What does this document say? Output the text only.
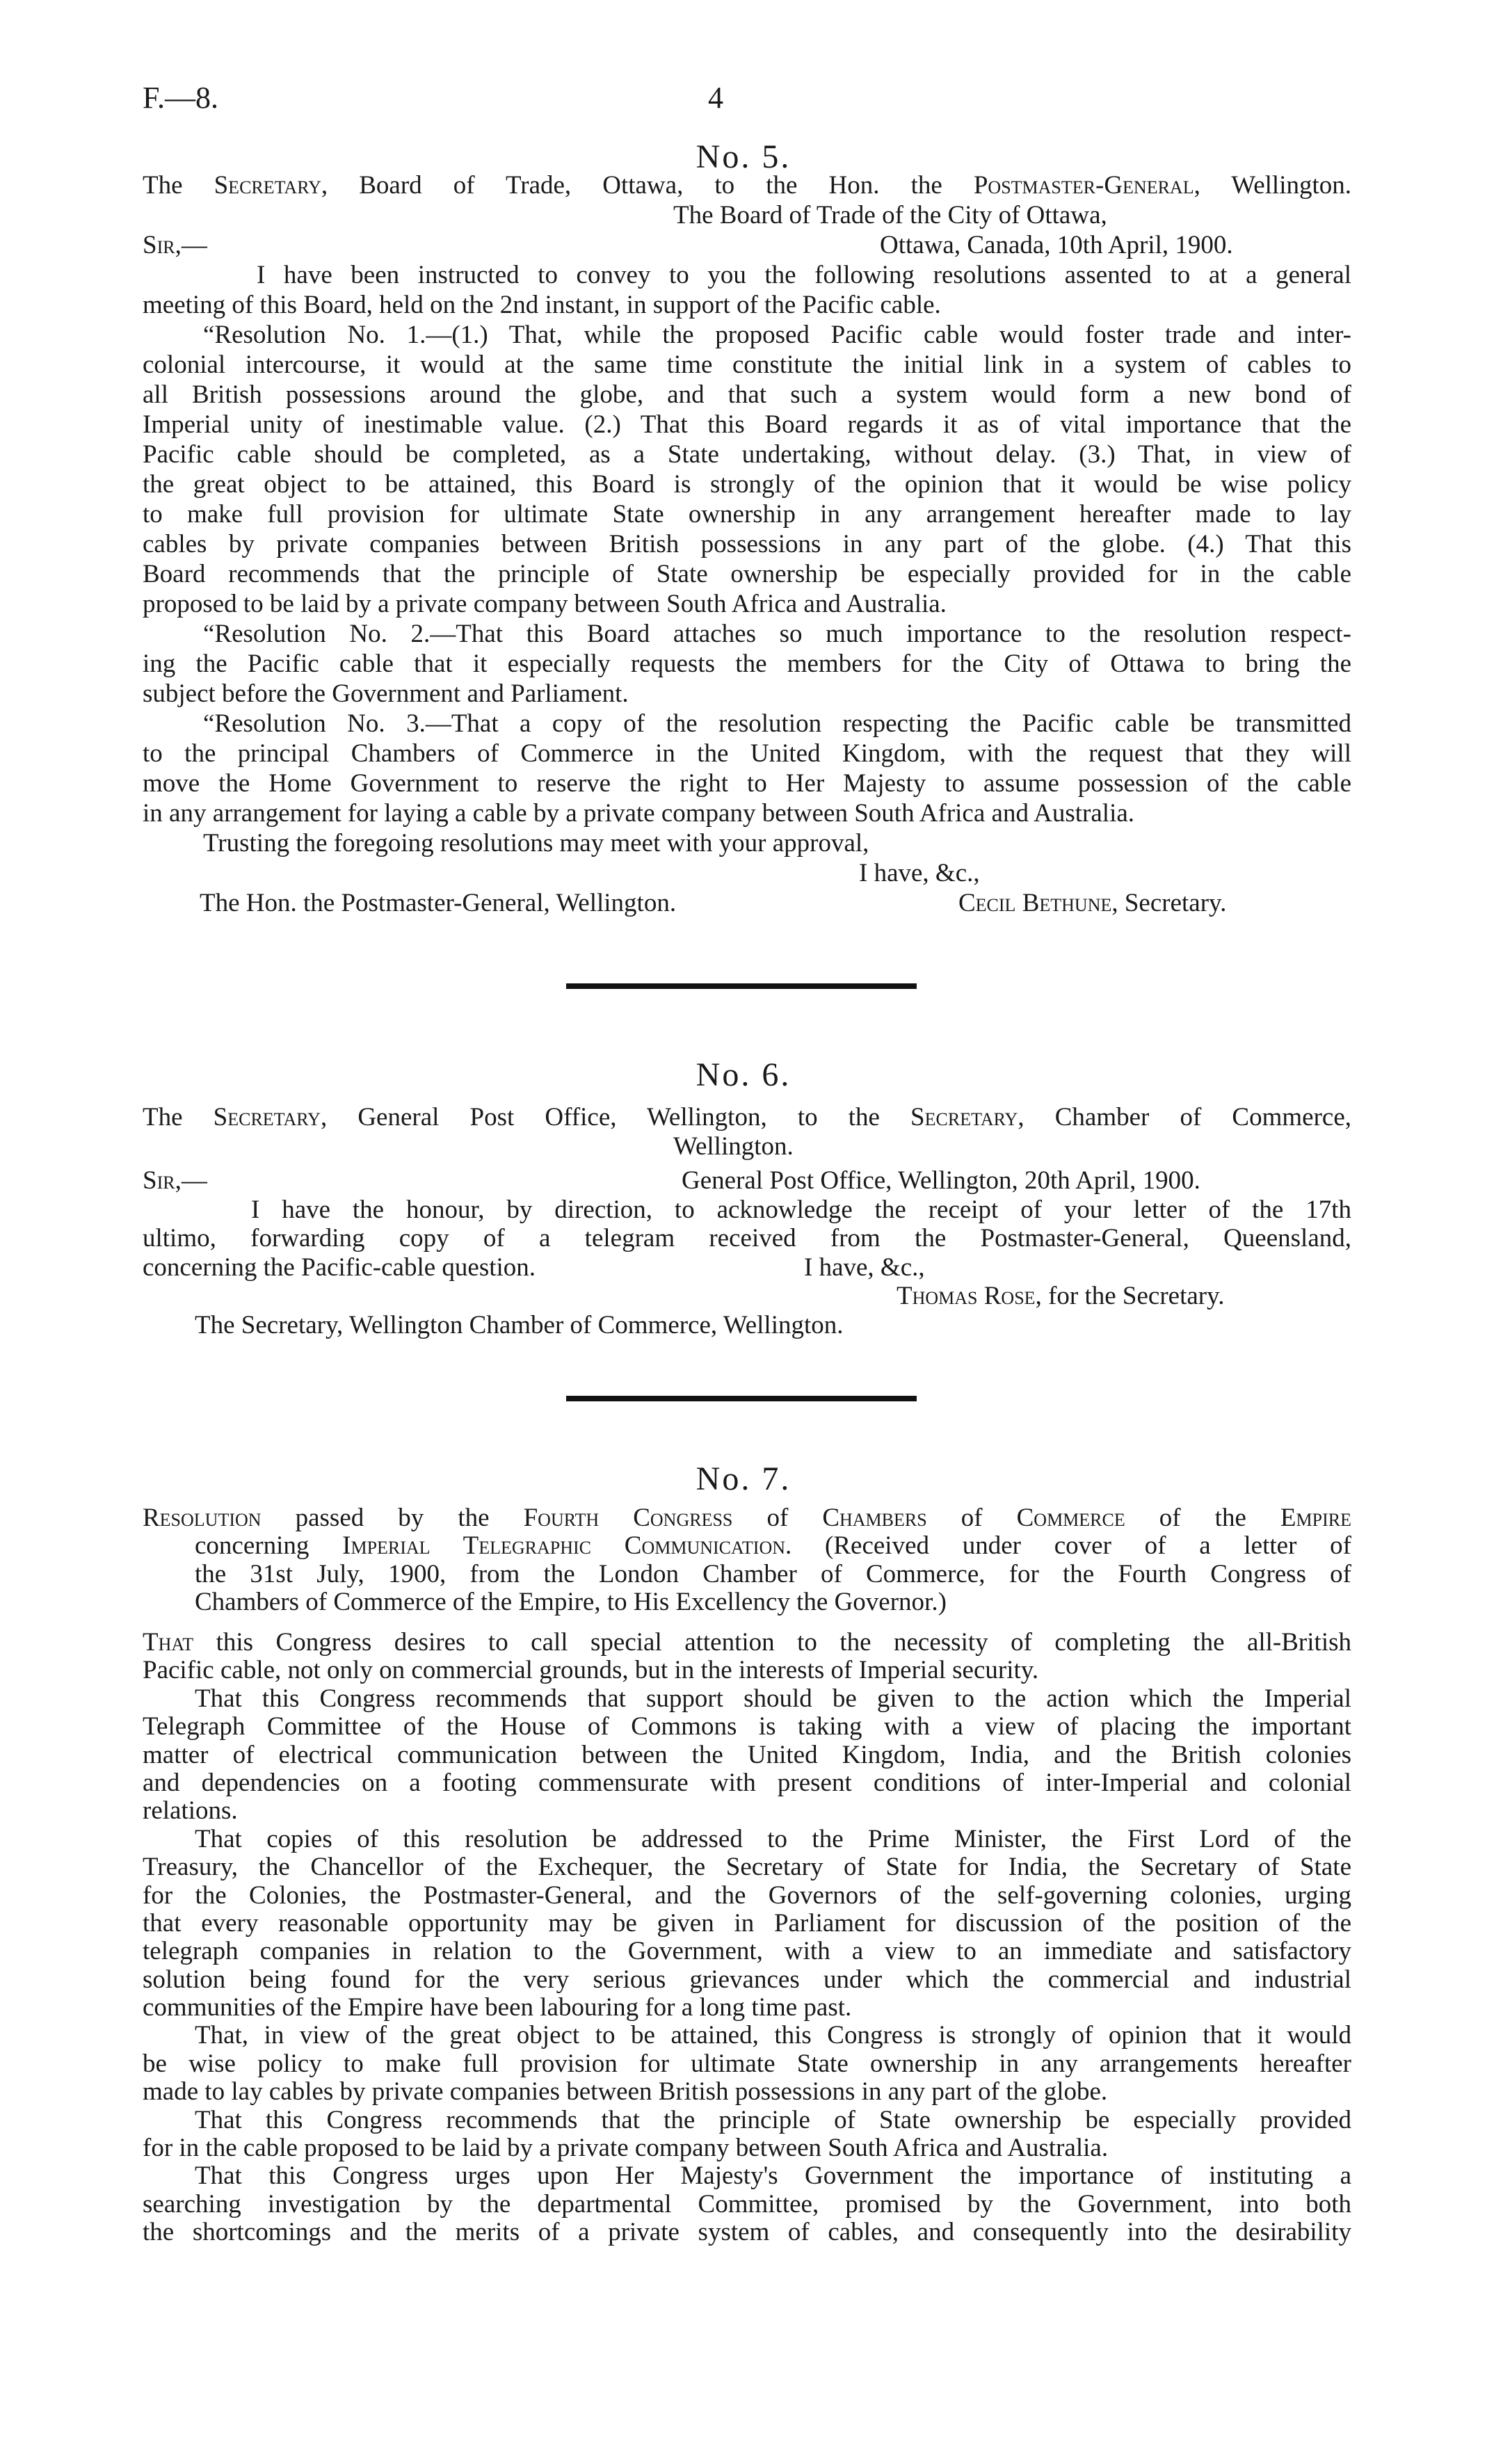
F.—8.	4
No. 5.
The Secretary, Board of Trade, Ottawa, to the Hon. the Postmaster-General, Wellington.
The Board of Trade of the City of Ottawa,
Sir,—	Ottawa, Canada, 10th April, 1900.
I have been instructed to convey to you the following resolutions assented to at a general
meeting of this Board, held on the 2nd instant, in support of the Pacific cable.
“Resolution No. 1.—(1.) That, while the proposed Pacific cable would foster trade and inter-
colonial intercourse, it would at the same time constitute the initial link in a system of cables to
all British possessions around the globe, and that such a system would form a new bond of
Imperial unity of inestimable value. (2.) That this Board regards it as of vital importance that the
Pacific cable should be completed, as a State undertaking, without delay. (3.) That, in view of
the great object to be attained, this Board is strongly of the opinion that it would be wise policy
to make full provision for ultimate State ownership in any arrangement hereafter made to lay
cables by private companies between British possessions in any part of the globe. (4.) That this
Board recommends that the principle of State ownership be especially provided for in the cable
proposed to be laid by a private company between South Africa and Australia.
“Resolution No. 2.—That this Board attaches so much importance to the resolution respect-
ing the Pacific cable that it especially requests the members for the City of Ottawa to bring the
subject before the Government and Parliament.
“Resolution No. 3.—That a copy of the resolution respecting the Pacific cable be transmitted
to the principal Chambers of Commerce in the United Kingdom, with the request that they will
move the Home Government to reserve the right to Her Majesty to assume possession of the cable
in any arrangement for laying a cable by a private company between South Africa and Australia.
Trusting the foregoing resolutions may meet with your approval,
I have, &c.,
The Hon. the Postmaster-General, Wellington.	Cecil Bethune, Secretary.
No. 6.
The Secretary, General Post Office, Wellington, to the Secretary, Chamber of Commerce,
Wellington.
Sir,—	General Post Office, Wellington, 20th April, 1900.
I have the honour, by direction, to acknowledge the receipt of your letter of the 17th
ultimo, forwarding copy of a telegram received from the Postmaster-General, Queensland,
concerning the Pacific-cable question.	I have, &c.,
Thomas Rose, for the Secretary.
The Secretary, Wellington Chamber of Commerce, Wellington.
No. 7.
Resolution passed by the Fourth Congress of Chambers of Commerce of the Empire
concerning Imperial Telegraphic Communication. (Received under cover of a letter of
the 31st July, 1900, from the London Chamber of Commerce, for the Fourth Congress of
Chambers of Commerce of the Empire, to His Excellency the Governor.)
That this Congress desires to call special attention to the necessity of completing the all-British
Pacific cable, not only on commercial grounds, but in the interests of Imperial security.
That this Congress recommends that support should be given to the action which the Imperial
Telegraph Committee of the House of Commons is taking with a view of placing the important
matter of electrical communication between the United Kingdom, India, and the British colonies
and dependencies on a footing commensurate with present conditions of inter-Imperial and colonial
relations.
That copies of this resolution be addressed to the Prime Minister, the First Lord of the
Treasury, the Chancellor of the Exchequer, the Secretary of State for India, the Secretary of State
for the Colonies, the Postmaster-General, and the Governors of the self-governing colonies, urging
that every reasonable opportunity may be given in Parliament for discussion of the position of the
telegraph companies in relation to the Government, with a view to an immediate and satisfactory
solution being found for the very serious grievances under which the commercial and industrial
communities of the Empire have been labouring for a long time past.
That, in view of the great object to be attained, this Congress is strongly of opinion that it would
be wise policy to make full provision for ultimate State ownership in any arrangements hereafter
made to lay cables by private companies between British possessions in any part of the globe.
That this Congress recommends that the principle of State ownership be especially provided
for in the cable proposed to be laid by a private company between South Africa and Australia.
That this Congress urges upon Her Majesty's Government the importance of instituting a
searching investigation by the departmental Committee, promised by the Government, into both
the shortcomings and the merits of a private system of cables, and consequently into the desirability
